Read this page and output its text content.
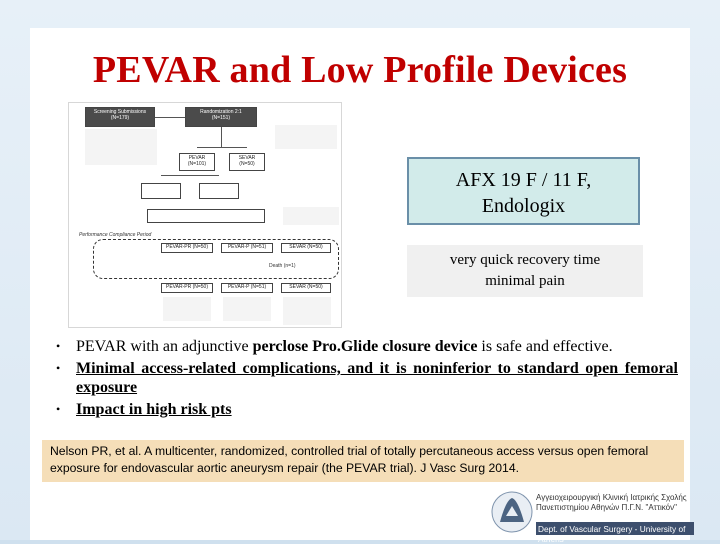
PEVAR and Low Profile Devices
Screening Submissions
(N=179)
Randomization 2:1
(N=151)
PEVAR
(N=101)
SEVAR
(N=50)
Performance Compliance Period
PEVAR-PR (N=50)	PEVAR-P (N=51)	SEVAR (N=50)
Death (n=1)
PEVAR-PR (N=50)	PEVAR-P (N=51)	SEVAR (N=50)
AFX 19 F / 11 F,
Endologix
very quick recovery time
minimal pain
• PEVAR with an adjunctive perclose Pro.Glide closure device is safe and effective.
• Minimal access-related complications, and it is noninferior to standard open femoral exposure
• Impact in high risk pts
Nelson PR, et al. A multicenter, randomized, controlled trial of totally percutaneous access versus open femoral exposure for endovascular aortic aneurysm repair (the PEVAR trial). J Vasc Surg 2014.
Αγγειοχειρουργική Κλινική Ιατρικής Σχολής
Πανεπιστημίου Αθηνών Π.Γ.Ν. "Αττικόν"
Dept. of Vascular Surgery - University of Athens
